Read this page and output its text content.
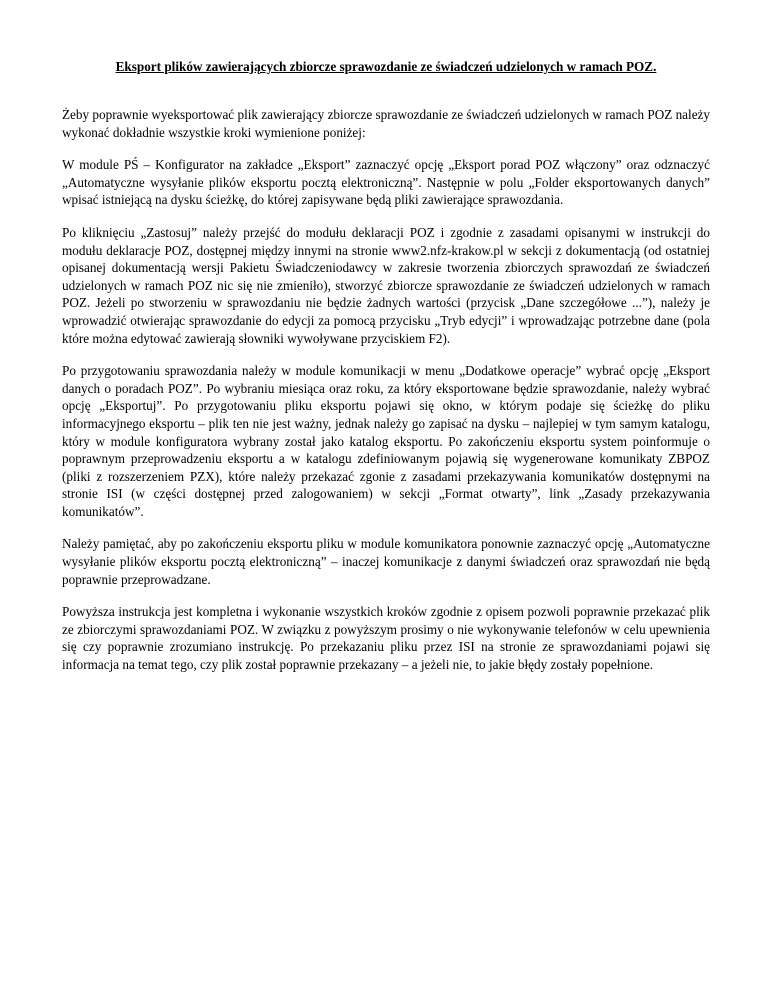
Eksport plików zawierających zbiorcze sprawozdanie ze świadczeń udzielonych w ramach POZ.

Żeby poprawnie wyeksportować plik zawierający zbiorcze sprawozdanie ze świadczeń udzielonych w ramach POZ należy wykonać dokładnie wszystkie kroki wymienione poniżej:

W module PŚ – Konfigurator na zakładce „Eksport” zaznaczyć opcję „Eksport porad POZ włączony” oraz odznaczyć „Automatyczne wysyłanie plików eksportu pocztą elektroniczną”. Następnie w polu „Folder eksportowanych danych” wpisać istniejącą na dysku ścieżkę, do której zapisywane będą pliki zawierające sprawozdania.

Po kliknięciu „Zastosuj” należy przejść do modułu deklaracji POZ i zgodnie z zasadami opisanymi w instrukcji do modułu deklaracje POZ, dostępnej między innymi na stronie www2.nfz-krakow.pl w sekcji z dokumentacją (od ostatniej opisanej dokumentacją wersji Pakietu Świadczeniodawcy w zakresie tworzenia zbiorczych sprawozdań ze świadczeń udzielonych w ramach POZ nic się nie zmieniło), stworzyć zbiorcze sprawozdanie ze świadczeń udzielonych w ramach POZ. Jeżeli po stworzeniu w sprawozdaniu nie będzie żadnych wartości (przycisk „Dane szczegółowe ...”), należy je wprowadzić otwierając sprawozdanie do edycji za pomocą przycisku „Tryb edycji” i wprowadzając potrzebne dane (pola które można edytować zawierają słowniki wywoływane przyciskiem F2).

Po przygotowaniu sprawozdania należy w module komunikacji w menu „Dodatkowe operacje” wybrać opcję „Eksport danych o poradach POZ”. Po wybraniu miesiąca oraz roku, za który eksportowane będzie sprawozdanie, należy wybrać opcję „Eksportuj”. Po przygotowaniu pliku eksportu pojawi się okno, w którym podaje się ścieżkę do pliku informacyjnego eksportu – plik ten nie jest ważny, jednak należy go zapisać na dysku – najlepiej w tym samym katalogu, który w module konfiguratora wybrany został jako katalog eksportu. Po zakończeniu eksportu system poinformuje o poprawnym przeprowadzeniu eksportu a w katalogu zdefiniowanym pojawią się wygenerowane komunikaty ZBPOZ (pliki z rozszerzeniem PZX), które należy przekazać zgonie z zasadami przekazywania komunikatów dostępnymi na stronie ISI (w części dostępnej przed zalogowaniem) w sekcji „Format otwarty”, link „Zasady przekazywania komunikatów”.

Należy pamiętać, aby po zakończeniu eksportu pliku w module komunikatora ponownie zaznaczyć opcję „Automatyczne wysyłanie plików eksportu pocztą elektroniczną” – inaczej komunikacje z danymi świadczeń oraz sprawozdań nie będą poprawnie przeprowadzane.

Powyższa instrukcja jest kompletna i wykonanie wszystkich kroków zgodnie z opisem pozwoli poprawnie przekazać plik ze zbiorczymi sprawozdaniami POZ. W związku z powyższym prosimy o nie wykonywanie telefonów w celu upewnienia się czy poprawnie zrozumiano instrukcję. Po przekazaniu pliku przez ISI na stronie ze sprawozdaniami pojawi się informacja na temat tego, czy plik został poprawnie przekazany – a jeżeli nie, to jakie błędy zostały popełnione.
